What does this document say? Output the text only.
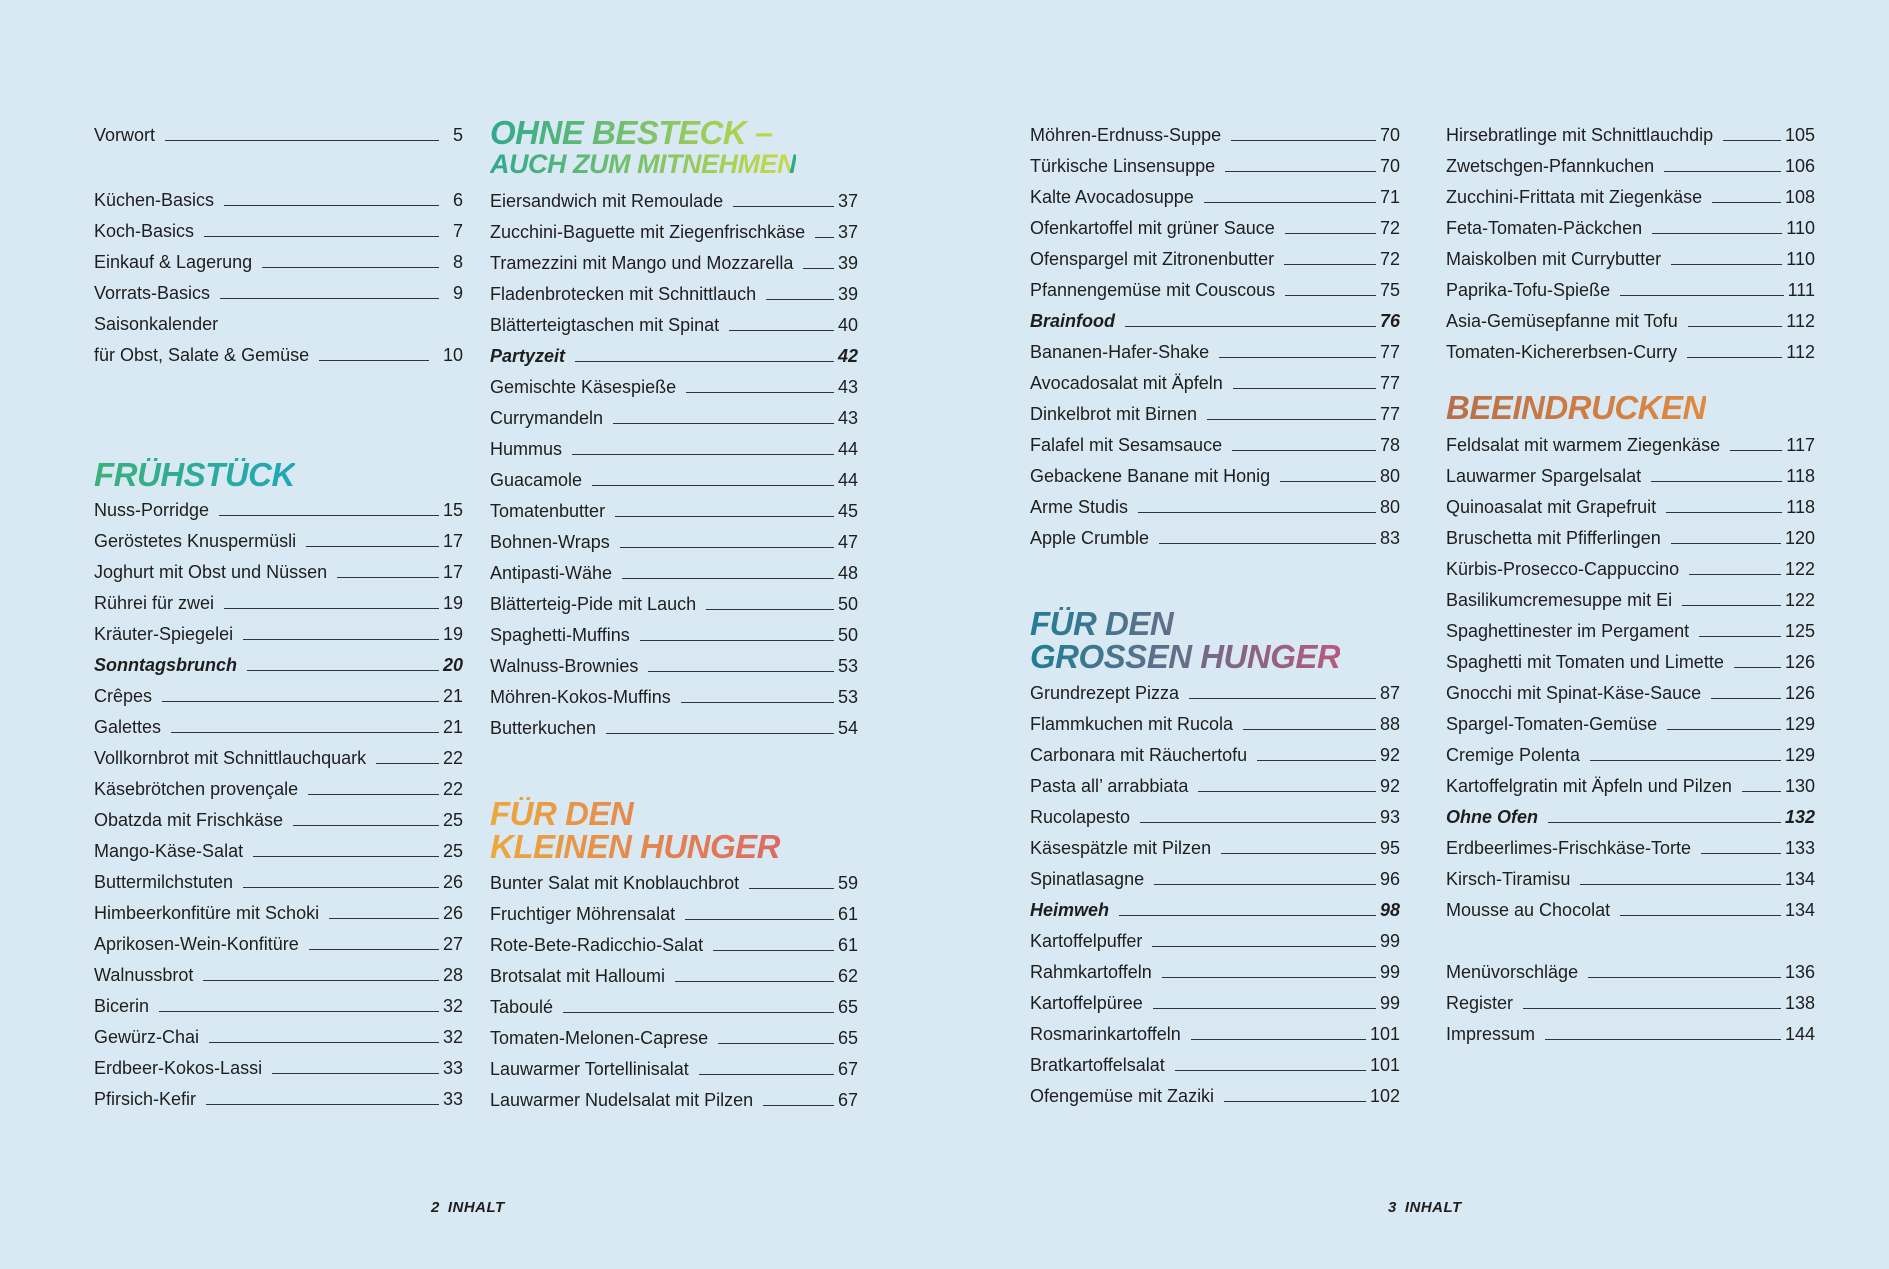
OHNE BESTECK –
AUCH ZUM MITNEHMEN
FRÜHSTÜCK
FÜR DEN
KLEINEN HUNGER
FÜR DEN
GROSSEN HUNGER
BEEINDRUCKEN
Vorwort	5
Küchen-Basics	6
Koch-Basics	7
Einkauf & Lagerung	8
Vorrats-Basics	9
Saisonkalender
für Obst, Salate & Gemüse	10
Nuss-Porridge	15
Geröstetes Knuspermüsli	17
Joghurt mit Obst und Nüssen	17
Rührei für zwei	19
Kräuter-Spiegelei	19
Sonntagsbrunch	20
Crêpes	21
Galettes	21
Vollkornbrot mit Schnittlauchquark	22
Käsebrötchen provençale	22
Obatzda mit Frischkäse	25
Mango-Käse-Salat	25
Buttermilchstuten	26
Himbeerkonfitüre mit Schoki	26
Aprikosen-Wein-Konfitüre	27
Walnussbrot	28
Bicerin	32
Gewürz-Chai	32
Erdbeer-Kokos-Lassi	33
Pfirsich-Kefir	33
Eiersandwich mit Remoulade	37
Zucchini-Baguette mit Ziegenfrischkäse 37
Tramezzini mit Mango und Mozzarella 39
Fladenbrotecken mit Schnittlauch	39
Blätterteigtaschen mit Spinat	40
Partyzeit	42
Gemischte Käsespieße	43
Currymandeln	43
Hummus	44
Guacamole	44
Tomatenbutter	45
Bohnen-Wraps	47
Antipasti-Wähe	48
Blätterteig-Pide mit Lauch	50
Spaghetti-Muffins	50
Walnuss-Brownies	53
Möhren-Kokos-Muffins	53
Butterkuchen	54
Bunter Salat mit Knoblauchbrot	59
Fruchtiger Möhrensalat	61
Rote-Bete-Radicchio-Salat	61
Brotsalat mit Halloumi	62
Taboulé	65
Tomaten-Melonen-Caprese	65
Lauwarmer Tortellinisalat	67
Lauwarmer Nudelsalat mit Pilzen	67
Möhren-Erdnuss-Suppe	70
Türkische Linsensuppe	70
Kalte Avocadosuppe	71
Ofenkartoffel mit grüner Sauce	72
Ofenspargel mit Zitronenbutter	72
Pfannengemüse mit Couscous	75
Brainfood	76
Bananen-Hafer-Shake	77
Avocadosalat mit Äpfeln	77
Dinkelbrot mit Birnen	77
Falafel mit Sesamsauce	78
Gebackene Banane mit Honig	80
Arme Studis	80
Apple Crumble	83
Grundrezept Pizza	87
Flammkuchen mit Rucola	88
Carbonara mit Räuchertofu	92
Pasta all’ arrabbiata	92
Rucolapesto	93
Käsespätzle mit Pilzen	95
Spinatlasagne	96
Heimweh	98
Kartoffelpuffer	99
Rahmkartoffeln	99
Kartoffelpüree	99
Rosmarinkartoffeln	101
Bratkartoffelsalat	101
Ofengemüse mit Zaziki	102
Hirsebratlinge mit Schnittlauchdip	105
Zwetschgen-Pfannkuchen	106
Zucchini-Frittata mit Ziegenkäse	108
Feta-Tomaten-Päckchen	110
Maiskolben mit Currybutter	110
Paprika-Tofu-Spieße	111
Asia-Gemüsepfanne mit Tofu	112
Tomaten-Kichererbsen-Curry	112
Feldsalat mit warmem Ziegenkäse	117
Lauwarmer Spargelsalat	118
Quinoasalat mit Grapefruit	118
Bruschetta mit Pfifferlingen	120
Kürbis-Prosecco-Cappuccino	122
Basilikumcremesuppe mit Ei	122
Spaghettinester im Pergament	125
Spaghetti mit Tomaten und Limette	126
Gnocchi mit Spinat-Käse-Sauce	126
Spargel-Tomaten-Gemüse	129
Cremige Polenta	129
Kartoffelgratin mit Äpfeln und Pilzen	130
Ohne Ofen	132
Erdbeerlimes-Frischkäse-Torte	133
Kirsch-Tiramisu	134
Mousse au Chocolat	134
Menüvorschläge	136
Register	138
Impressum	144
2 INHALT	3 INHALT
